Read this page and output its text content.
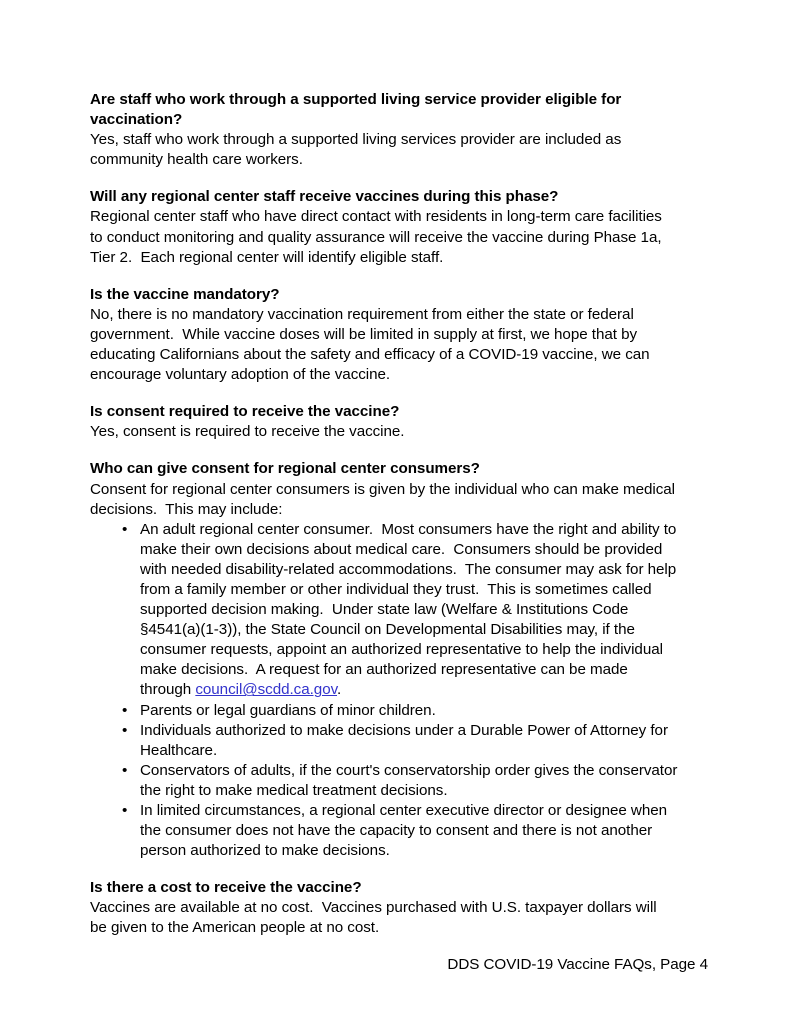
Are staff who work through a supported living service provider eligible for
vaccination?
Yes, staff who work through a supported living services provider are included as
community health care workers.
Will any regional center staff receive vaccines during this phase?
Regional center staff who have direct contact with residents in long-term care facilities
to conduct monitoring and quality assurance will receive the vaccine during Phase 1a,
Tier 2.  Each regional center will identify eligible staff.
Is the vaccine mandatory?
No, there is no mandatory vaccination requirement from either the state or federal
government.  While vaccine doses will be limited in supply at first, we hope that by
educating Californians about the safety and efficacy of a COVID-19 vaccine, we can
encourage voluntary adoption of the vaccine.
Is consent required to receive the vaccine?
Yes, consent is required to receive the vaccine.
Who can give consent for regional center consumers?
Consent for regional center consumers is given by the individual who can make medical
decisions.  This may include:
• An adult regional center consumer.  Most consumers have the right and ability to
make their own decisions about medical care.  Consumers should be provided
with needed disability-related accommodations.  The consumer may ask for help
from a family member or other individual they trust.  This is sometimes called
supported decision making.  Under state law (Welfare & Institutions Code
§4541(a)(1-3)), the State Council on Developmental Disabilities may, if the
consumer requests, appoint an authorized representative to help the individual
make decisions.  A request for an authorized representative can be made
through council@scdd.ca.gov.
• Parents or legal guardians of minor children.
• Individuals authorized to make decisions under a Durable Power of Attorney for
Healthcare.
• Conservators of adults, if the court's conservatorship order gives the conservator
the right to make medical treatment decisions.
• In limited circumstances, a regional center executive director or designee when
the consumer does not have the capacity to consent and there is not another
person authorized to make decisions.
Is there a cost to receive the vaccine?
Vaccines are available at no cost.  Vaccines purchased with U.S. taxpayer dollars will
be given to the American people at no cost.
DDS COVID-19 Vaccine FAQs, Page 4
